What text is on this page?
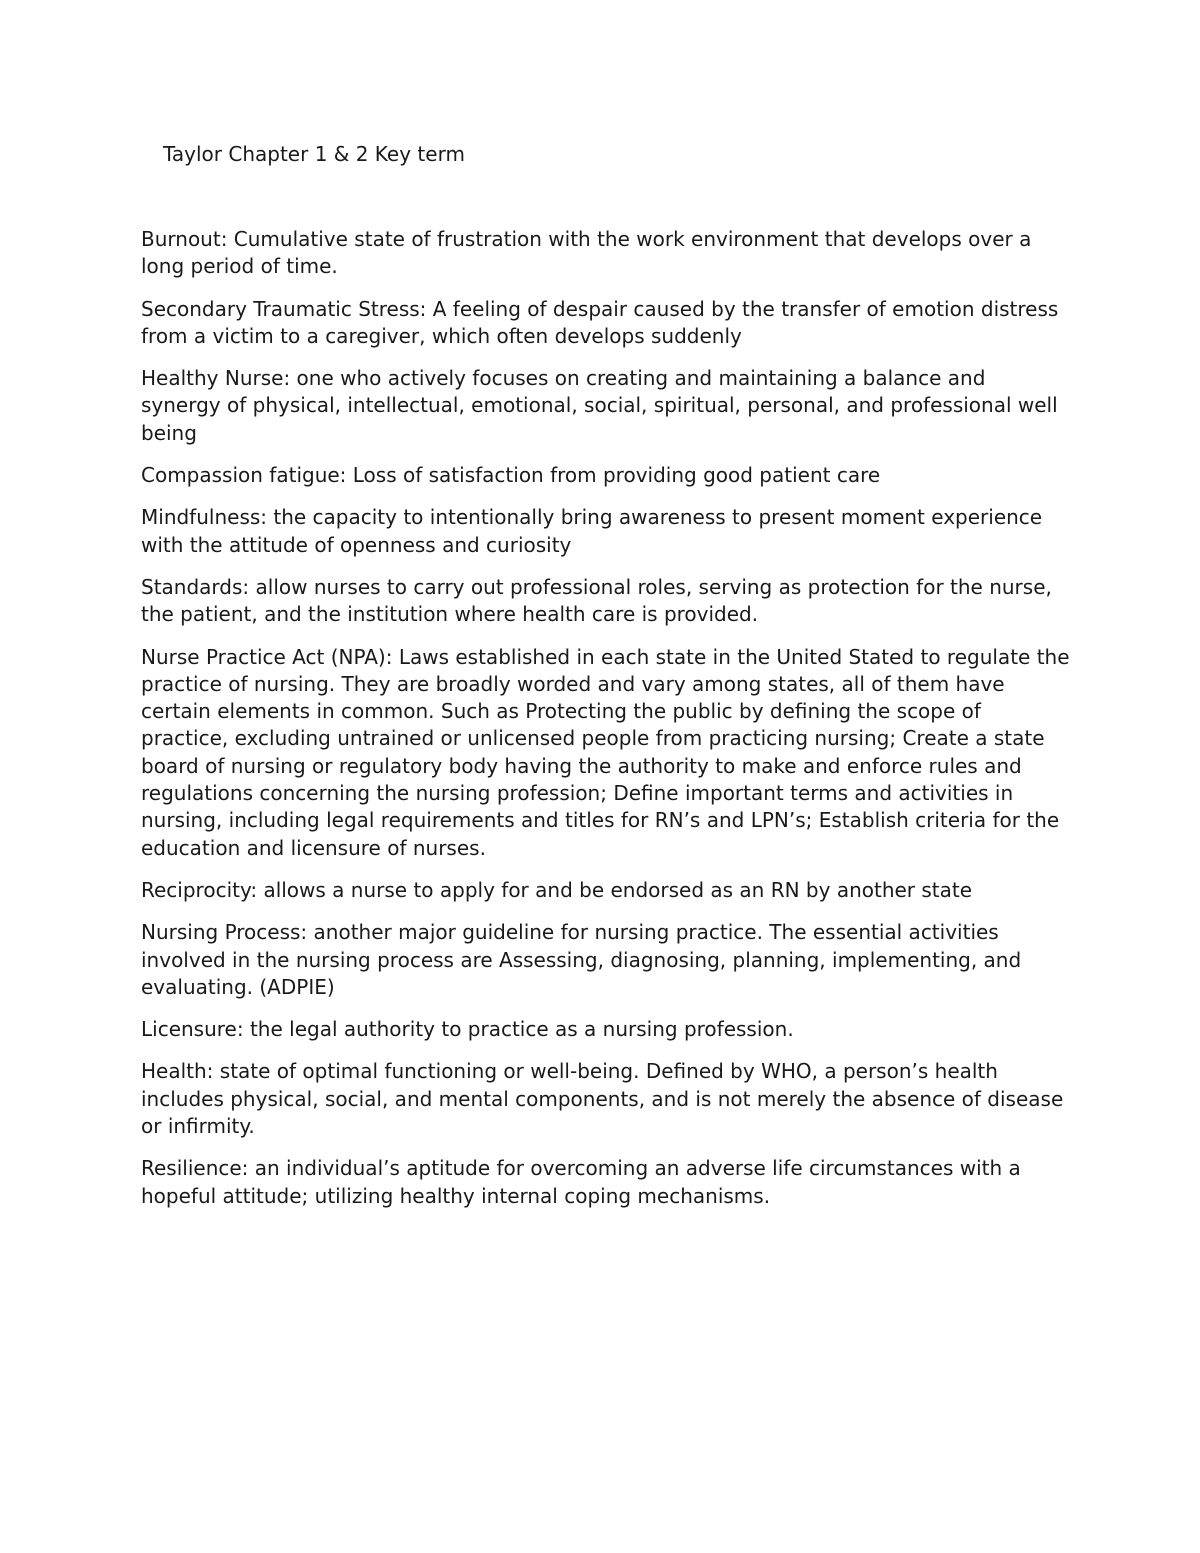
Taylor Chapter 1 & 2 Key term

Burnout: Cumulative state of frustration with the work environment that develops over a long period of time.

Secondary Traumatic Stress: A feeling of despair caused by the transfer of emotion distress from a victim to a caregiver, which often develops suddenly

Healthy Nurse: one who actively focuses on creating and maintaining a balance and synergy of physical, intellectual, emotional, social, spiritual, personal, and professional well being

Compassion fatigue: Loss of satisfaction from providing good patient care

Mindfulness: the capacity to intentionally bring awareness to present moment experience with the attitude of openness and curiosity

Standards: allow nurses to carry out professional roles, serving as protection for the nurse, the patient, and the institution where health care is provided.

Nurse Practice Act (NPA): Laws established in each state in the United Stated to regulate the practice of nursing. They are broadly worded and vary among states, all of them have certain elements in common. Such as Protecting the public by defining the scope of practice, excluding untrained or unlicensed people from practicing nursing; Create a state board of nursing or regulatory body having the authority to make and enforce rules and regulations concerning the nursing profession; Define important terms and activities in nursing, including legal requirements and titles for RN’s and LPN’s; Establish criteria for the education and licensure of nurses.

Reciprocity: allows a nurse to apply for and be endorsed as an RN by another state

Nursing Process: another major guideline for nursing practice. The essential activities involved in the nursing process are Assessing, diagnosing, planning, implementing, and evaluating. (ADPIE)

Licensure: the legal authority to practice as a nursing profession.

Health: state of optimal functioning or well-being. Defined by WHO, a person’s health includes physical, social, and mental components, and is not merely the absence of disease or infirmity.

Resilience: an individual’s aptitude for overcoming an adverse life circumstances with a hopeful attitude; utilizing healthy internal coping mechanisms.
